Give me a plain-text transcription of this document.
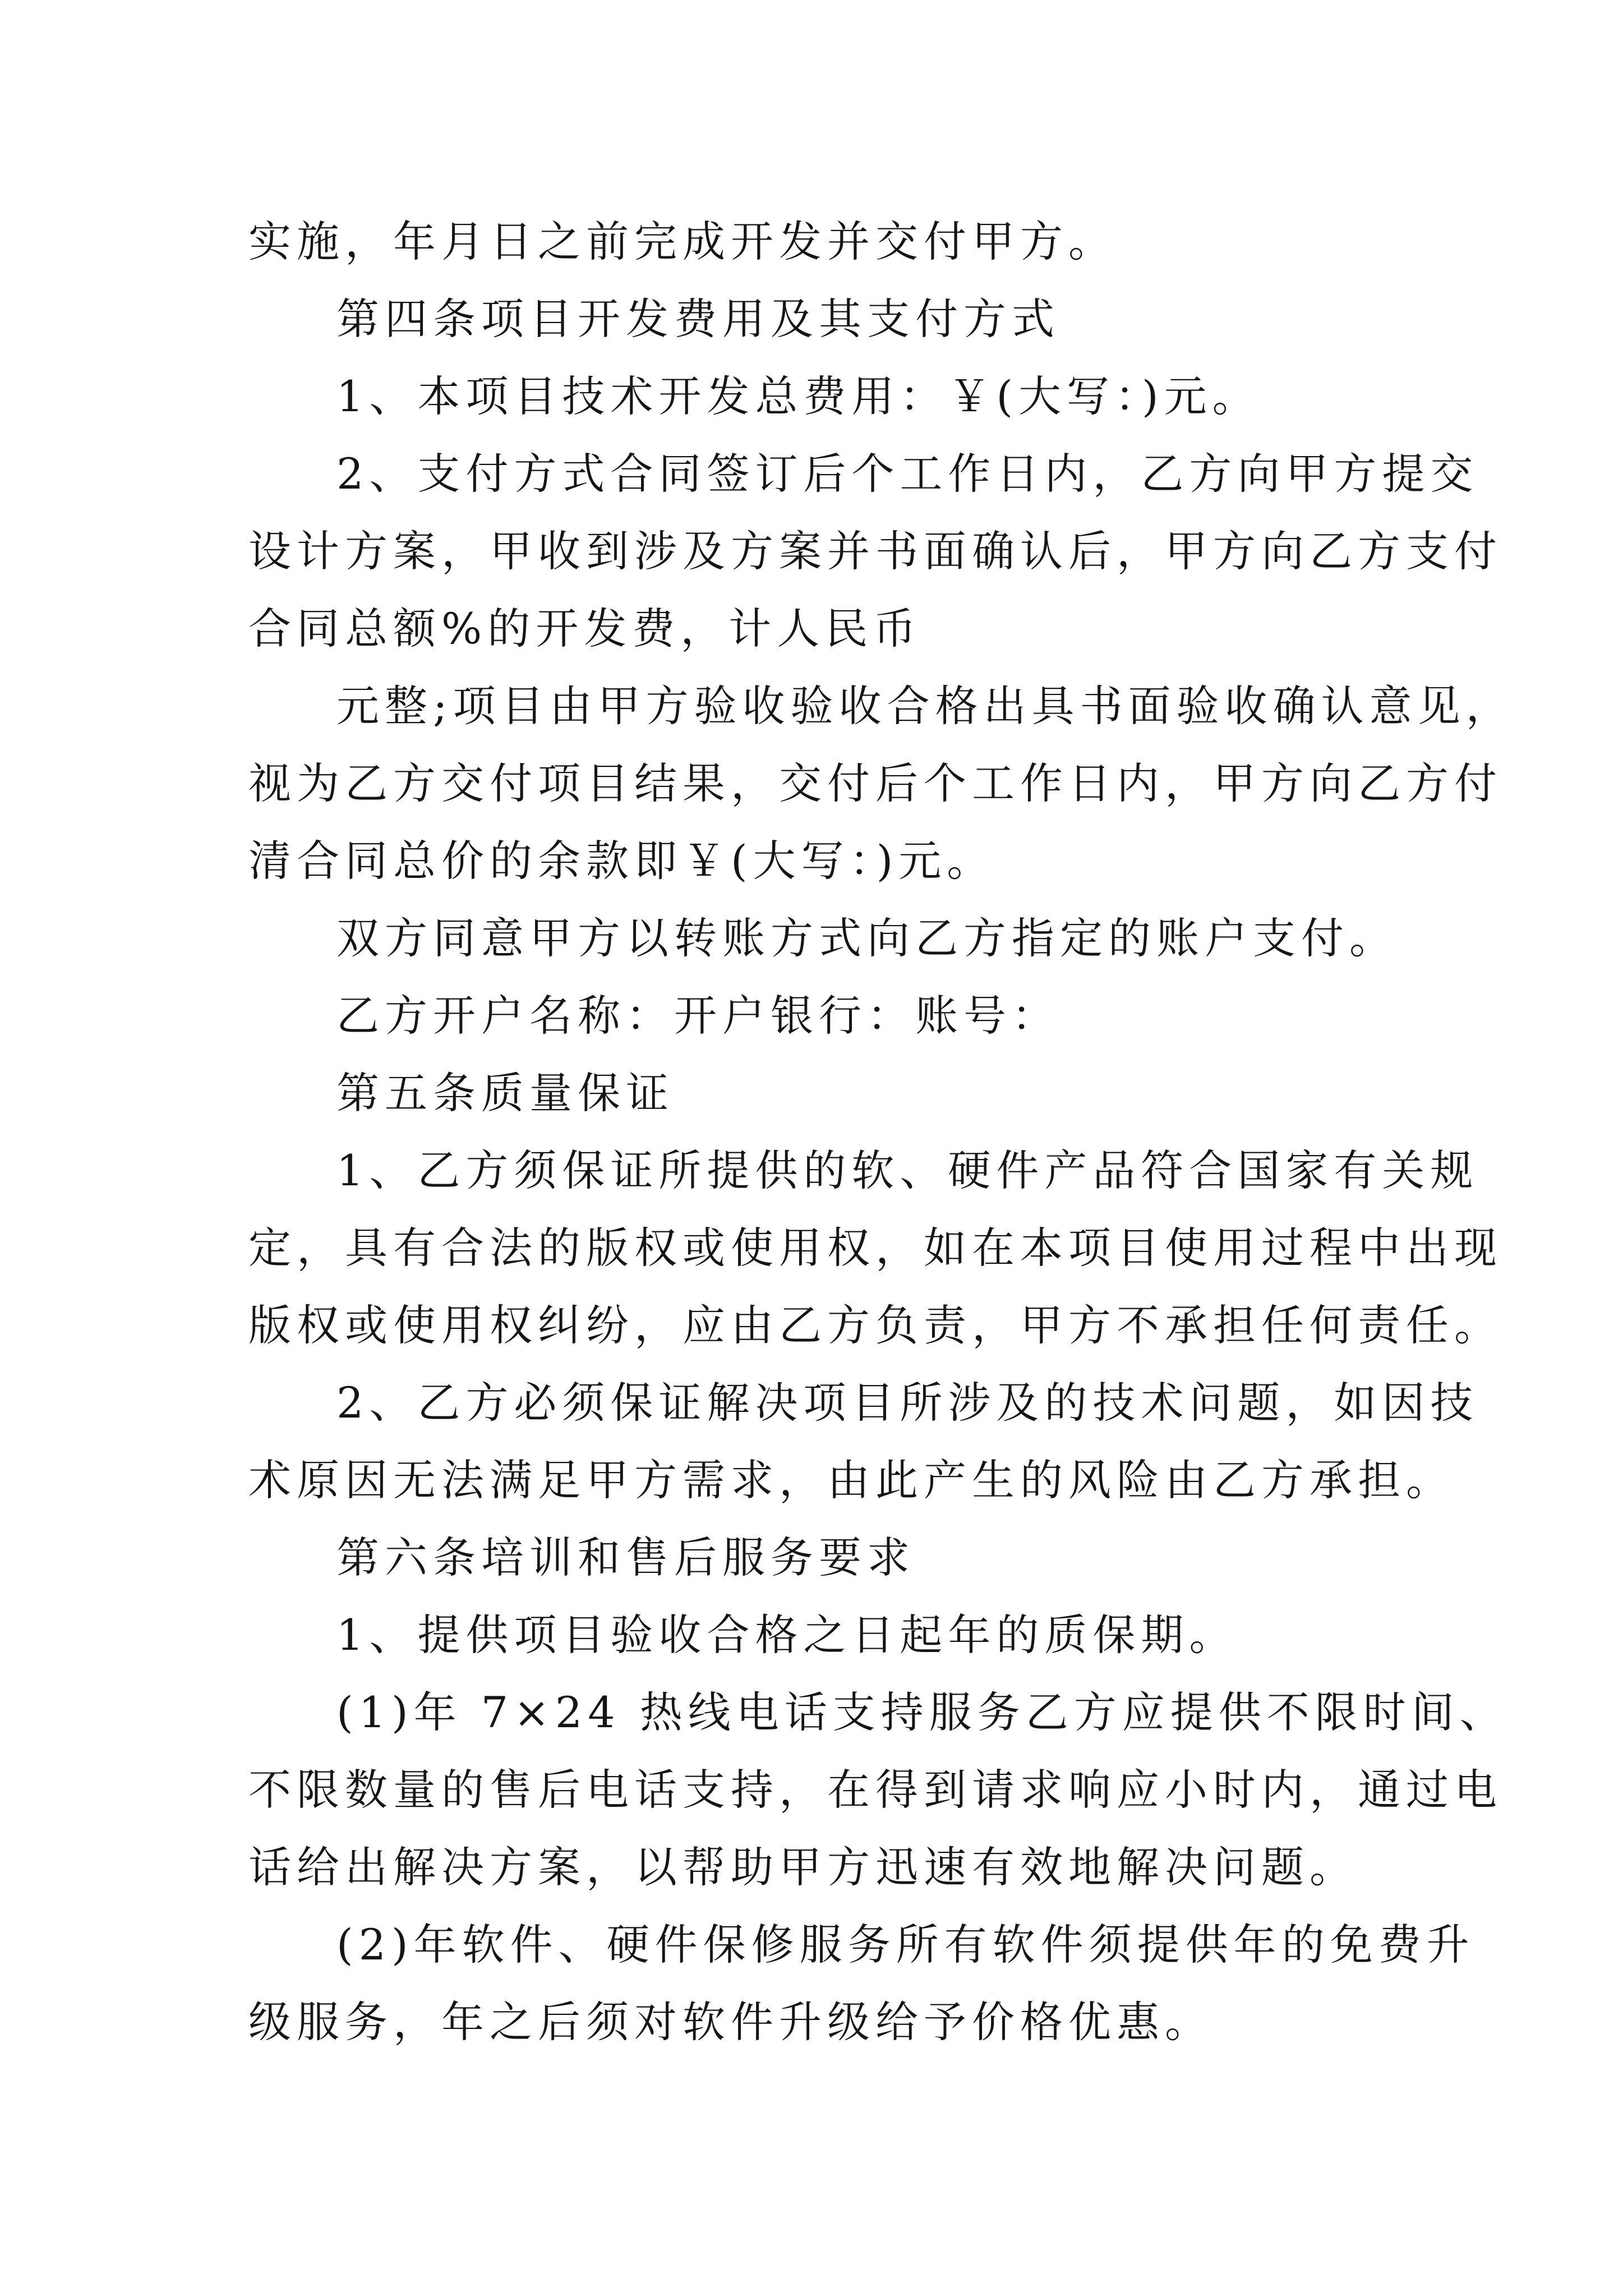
实施，年月日之前完成开发并交付甲方。

第四条项目开发费用及其支付方式

1、本项目技术开发总费用：￥(大写：)元。

2、支付方式合同签订后个工作日内，乙方向甲方提交

设计方案，甲收到涉及方案并书面确认后，甲方向乙方支付

合同总额%的开发费，计人民币

元整;项目由甲方验收验收合格出具书面验收确认意见，

视为乙方交付项目结果，交付后个工作日内，甲方向乙方付

清合同总价的余款即￥(大写：)元。

双方同意甲方以转账方式向乙方指定的账户支付。

乙方开户名称：开户银行：账号：

第五条质量保证

1、乙方须保证所提供的软、硬件产品符合国家有关规

定，具有合法的版权或使用权，如在本项目使用过程中出现

版权或使用权纠纷，应由乙方负责，甲方不承担任何责任。

2、乙方必须保证解决项目所涉及的技术问题，如因技

术原因无法满足甲方需求，由此产生的风险由乙方承担。

第六条培训和售后服务要求

1、提供项目验收合格之日起年的质保期。

(1)年 7×24 热线电话支持服务乙方应提供不限时间、

不限数量的售后电话支持，在得到请求响应小时内，通过电

话给出解决方案，以帮助甲方迅速有效地解决问题。

(2)年软件、硬件保修服务所有软件须提供年的免费升

级服务，年之后须对软件升级给予价格优惠。
